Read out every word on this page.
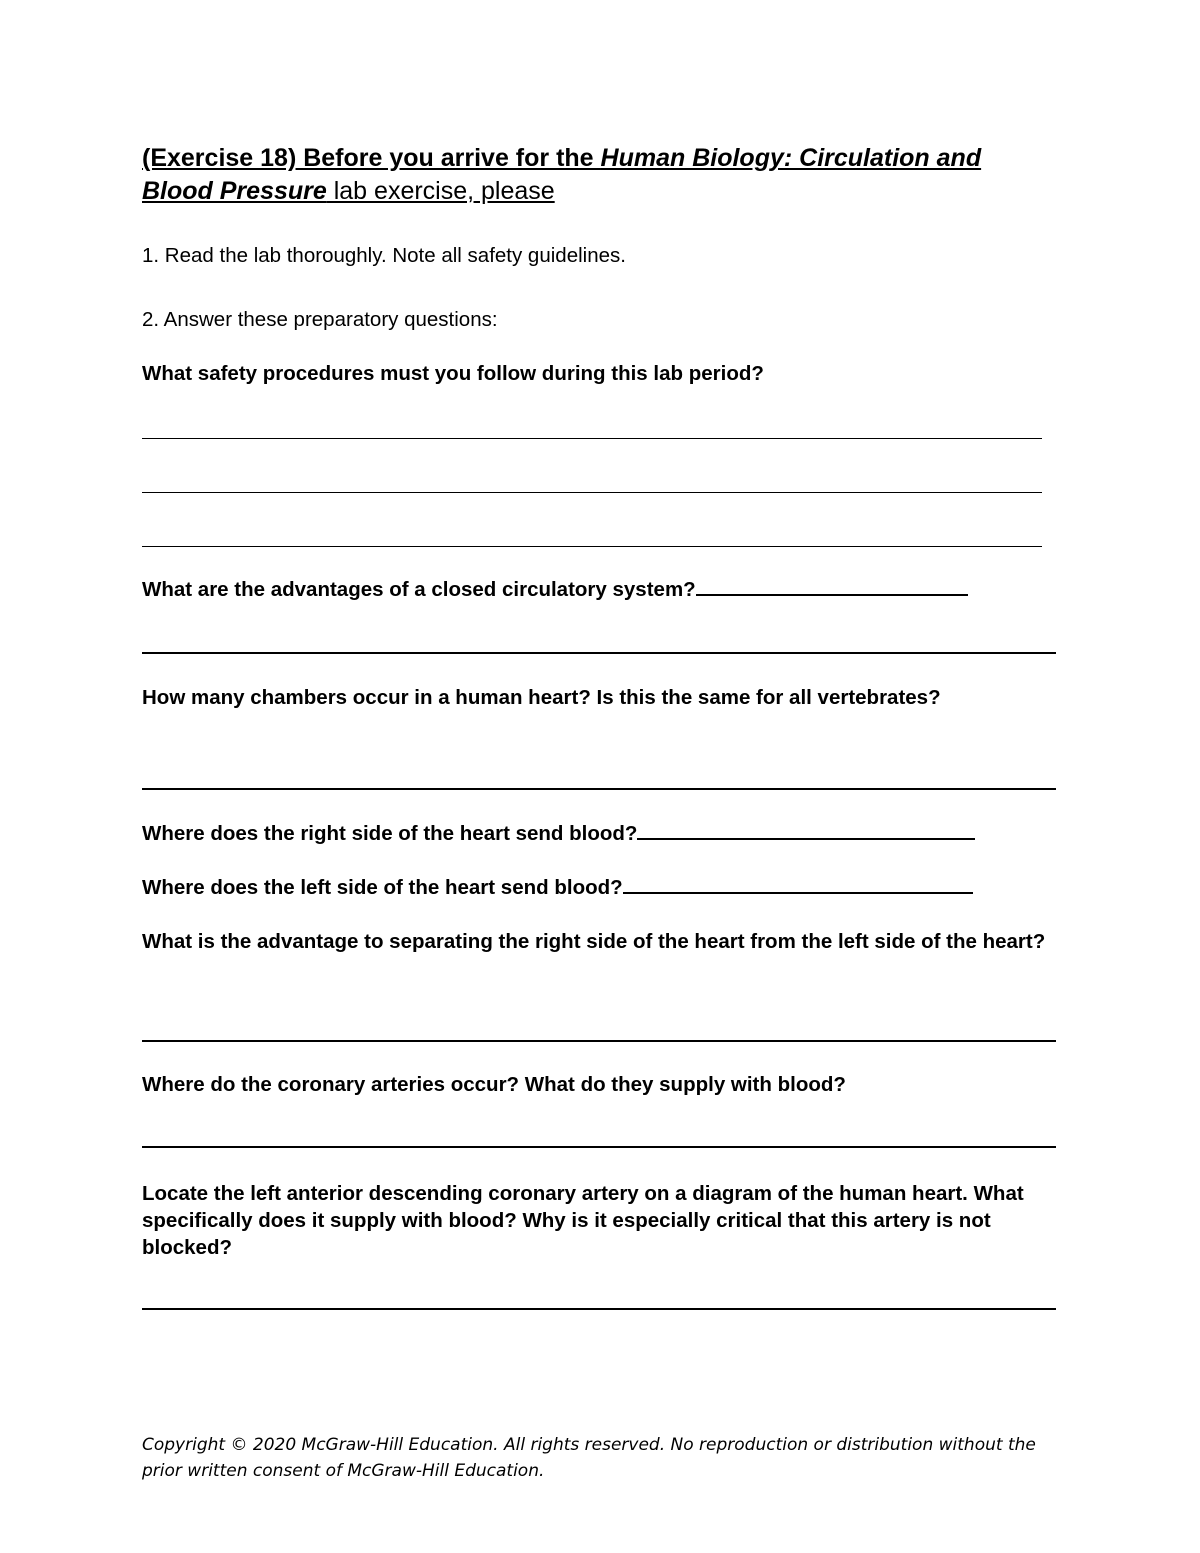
(Exercise 18) Before you arrive for the Human Biology: Circulation and Blood Pressure lab exercise, please
1. Read the lab thoroughly. Note all safety guidelines.
2. Answer these preparatory questions:
What safety procedures must you follow during this lab period?
What are the advantages of a closed circulatory system?
How many chambers occur in a human heart? Is this the same for all vertebrates?
Where does the right side of the heart send blood?
Where does the left side of the heart send blood?
What is the advantage to separating the right side of the heart from the left side of the heart?
Where do the coronary arteries occur? What do they supply with blood?
Locate the left anterior descending coronary artery on a diagram of the human heart. What specifically does it supply with blood? Why is it especially critical that this artery is not blocked?
Copyright © 2020 McGraw-Hill Education. All rights reserved. No reproduction or distribution without the prior written consent of McGraw-Hill Education.
